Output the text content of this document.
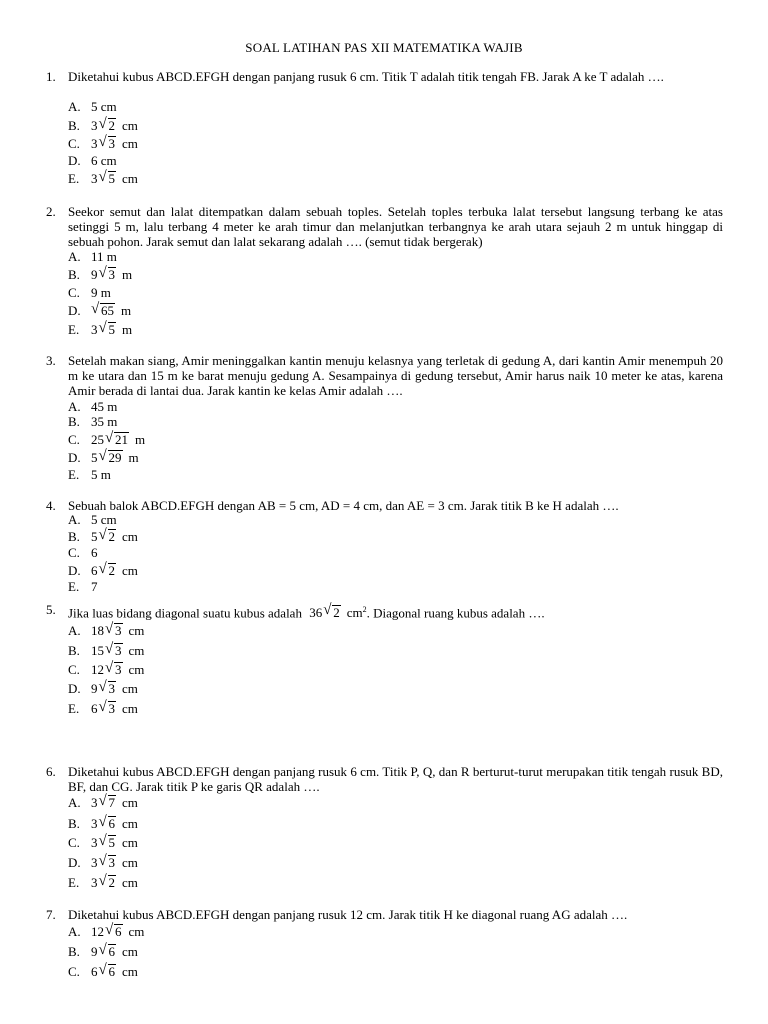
SOAL LATIHAN PAS XII MATEMATIKA WAJIB
1. Diketahui kubus ABCD.EFGH dengan panjang rusuk 6 cm. Titik T adalah titik tengah FB. Jarak A ke T adalah ….
A. 5 cm
B. 3 √ 2 cm
C. 3 √ 3 cm
D. 6 cm
E. 3 √ 5 cm
2. Seekor semut dan lalat ditempatkan dalam sebuah toples. Setelah toples terbuka lalat tersebut langsung terbang ke atas setinggi 5 m, lalu terbang 4 meter ke arah timur dan melanjutkan terbangnya ke arah utara sejauh 2 m untuk hinggap di sebuah pohon. Jarak semut dan lalat sekarang adalah …. (semut tidak bergerak)
A. 11 m
B. 9 √ 3 m
C. 9 m
D. √ 65 m
E. 3 √ 5 m
3. Setelah makan siang, Amir meninggalkan kantin menuju kelasnya yang terletak di gedung A, dari kantin Amir menempuh 20 m ke utara dan 15 m ke barat menuju gedung A. Sesampainya di gedung tersebut, Amir harus naik 10 meter ke atas, karena Amir berada di lantai dua. Jarak kantin ke kelas Amir adalah ….
A. 45 m
B. 35 m
C. 25 √ 21 m
D. 5 √ 29 m
E. 5 m
4. Sebuah balok ABCD.EFGH dengan AB = 5 cm, AD = 4 cm, dan AE = 3 cm. Jarak titik B ke H adalah ….
A. 5 cm
B. 5 √ 2 cm
C. 6
D. 6 √ 2 cm
E. 7
5. Jika luas bidang diagonal suatu kubus adalah 36 √ 2 $cm^2$. Diagonal ruang kubus adalah ….
A. 18 √ 3 cm
B. 15 √ 3 cm
C. 12 √ 3 cm
D. 9 √ 3 cm
E. 6 √ 3 cm
6. Diketahui kubus ABCD.EFGH dengan panjang rusuk 6 cm. Titik P, Q, dan R berturut-turut merupakan titik tengah rusuk BD, BF, dan CG. Jarak titik P ke garis QR adalah ….
A. 3 √ 7 cm
B. 3 √ 6 cm
C. 3 √ 5 cm
D. 3 √ 3 cm
E. 3 √ 2 cm
7. Diketahui kubus ABCD.EFGH dengan panjang rusuk 12 cm. Jarak titik H ke diagonal ruang AG adalah ….
A. 12 √ 6 cm
B. 9 √ 6 cm
C. 6 √ 6 cm
